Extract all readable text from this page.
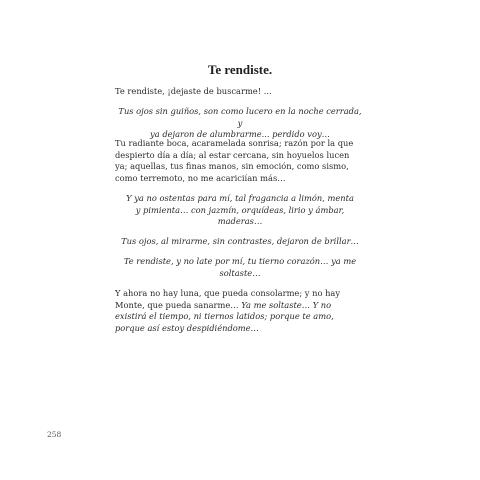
Te rendiste.

Te rendiste, ¡dejaste de buscarme! ...

Tus ojos sin guiños, son como lucero en la noche cerrada, y

ya dejaron de alumbrarme... perdido voy…

Tu radiante boca, acaramelada sonrisa; razón por la que

despierto día a día; al estar cercana, sin hoyuelos lucen

ya; aquellas, tus finas manos, sin emoción, como sismo,

como terremoto, no me acariciían más…

Y ya no ostentas para mí, tal fragancia a limón, menta

y pimienta… con jazmín, orquídeas, lirio y ámbar,

maderas…

Tus ojos, al mirarme, sin contrastes, dejaron de brillar…

Te rendiste, y no late por mí, tu tierno corazón… ya me

soltaste…

Y ahora no hay luna, que pueda consolarme; y no hay

Monte, que pueda sanarme… Ya me soltaste… Y no

existirá el tiempo, ni tiernos latidos; porque te amo,

porque así estoy despidiéndome…

258
